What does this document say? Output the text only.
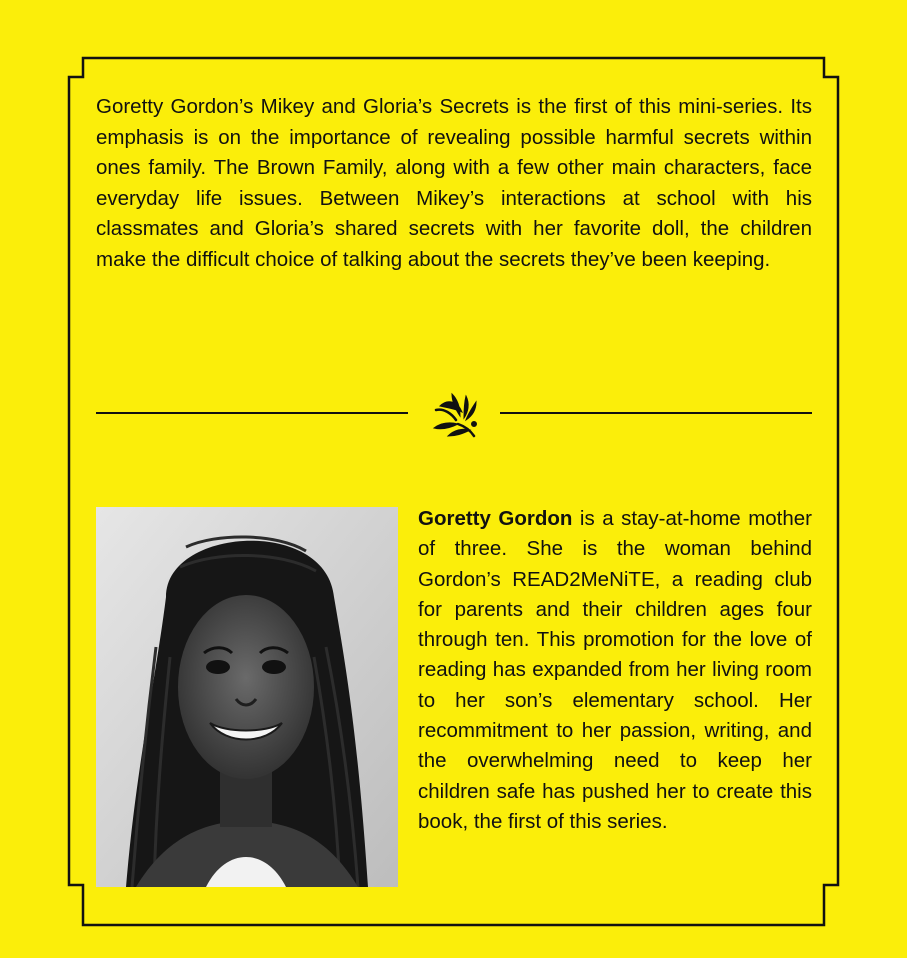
Goretty Gordon’s Mikey and Gloria’s Secrets is the first of this mini-series. Its emphasis is on the importance of revealing possible harmful secrets within ones family. The Brown Family, along with a few other main characters, face everyday life issues. Between Mikey’s interactions at school with his classmates and Gloria’s shared secrets with her favorite doll, the children make the difficult choice of talking about the secrets they’ve been keeping.

Goretty Gordon is a stay-at-home mother of three. She is the woman behind Gordon’s READ2MeNiTE, a reading club for parents and their children ages four through ten. This promotion for the love of reading has expanded from her living room to her son’s elementary school. Her recommitment to her passion, writing, and the overwhelming need to keep her children safe has pushed her to create this book, the first of this series.
